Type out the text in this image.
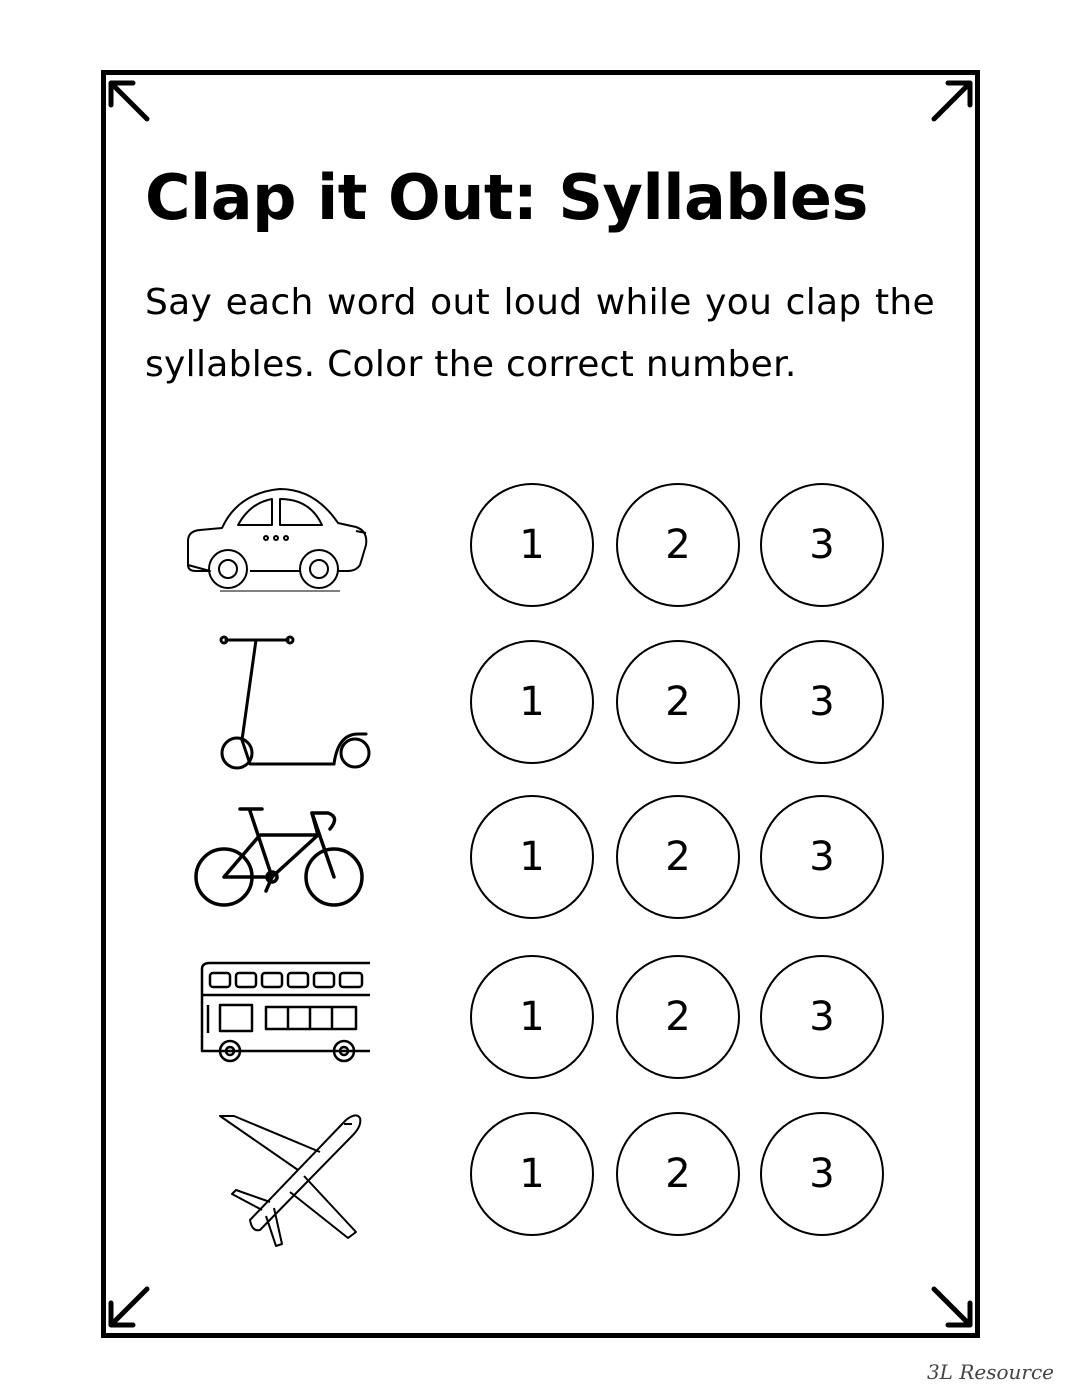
Clap it Out: Syllables

Say each word out loud while you clap the syllables. Color the correct number.

1	2	3
1	2	3
1	2	3
1	2	3
1	2	3
3L Resource
